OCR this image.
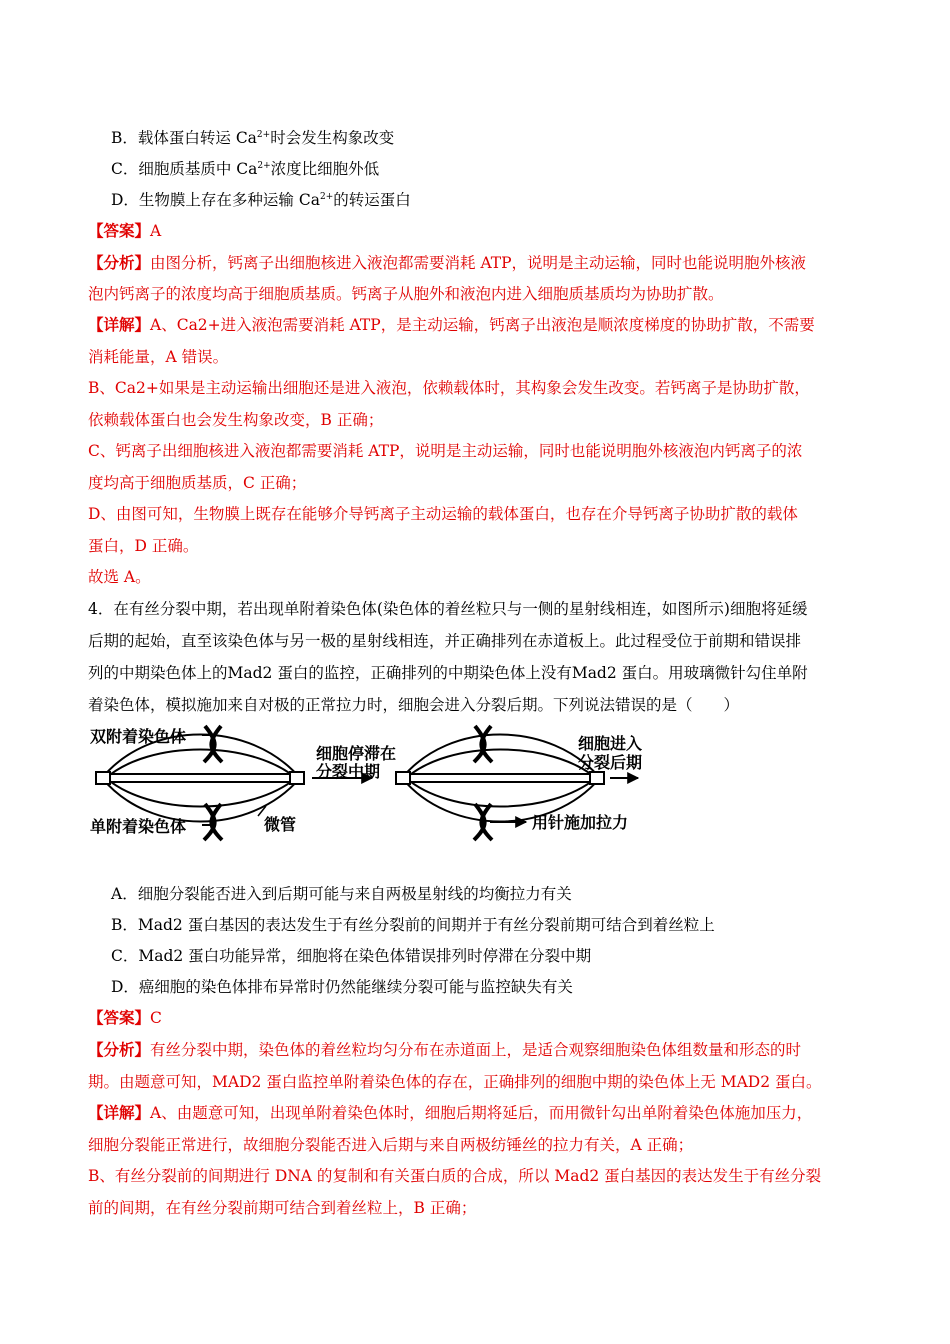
B．载体蛋白转运 $Ca^{2+}$时会发生构象改变
C．细胞质基质中 $Ca^{2+}$浓度比细胞外低
D．生物膜上存在多种运输 $Ca^{2+}$的转运蛋白
【答案】A
【分析】由图分析，钙离子出细胞核进入液泡都需要消耗 ATP，说明是主动运输，同时也能说明胞外核液
泡内钙离子的浓度均高于细胞质基质。钙离子从胞外和液泡内进入细胞质基质均为协助扩散。
【详解】A、Ca2+进入液泡需要消耗 ATP，是主动运输，钙离子出液泡是顺浓度梯度的协助扩散，不需要
消耗能量，A 错误。
B、Ca2+如果是主动运输出细胞还是进入液泡，依赖载体时，其构象会发生改变。若钙离子是协助扩散，
依赖载体蛋白也会发生构象改变，B 正确；
C、钙离子出细胞核进入液泡都需要消耗 ATP，说明是主动运输，同时也能说明胞外核液泡内钙离子的浓
度均高于细胞质基质，C 正确；
D、由图可知，生物膜上既存在能够介导钙离子主动运输的载体蛋白，也存在介导钙离子协助扩散的载体
蛋白，D 正确。
故选 A。
4．在有丝分裂中期，若出现单附着染色体(染色体的着丝粒只与一侧的星射线相连，如图所示)细胞将延缓
后期的起始，直至该染色体与另一极的星射线相连，并正确排列在赤道板上。此过程受位于前期和错误排
列的中期染色体上的Mad2 蛋白的监控，正确排列的中期染色体上没有Mad2 蛋白。用玻璃微针勾住单附
着染色体，模拟施加来自对极的正常拉力时，细胞会进入分裂后期。下列说法错误的是（　　）
双附着染色体
单附着染色体	微管
细胞停滞在
分裂中期
用针施加拉力
细胞进入
分裂后期
A．细胞分裂能否进入到后期可能与来自两极星射线的均衡拉力有关
B．Mad2 蛋白基因的表达发生于有丝分裂前的间期并于有丝分裂前期可结合到着丝粒上
C．Mad2 蛋白功能异常，细胞将在染色体错误排列时停滞在分裂中期
D．癌细胞的染色体排布异常时仍然能继续分裂可能与监控缺失有关
【答案】C
【分析】有丝分裂中期，染色体的着丝粒均匀分布在赤道面上，是适合观察细胞染色体组数量和形态的时
期。由题意可知，MAD2 蛋白监控单附着染色体的存在，正确排列的细胞中期的染色体上无 MAD2 蛋白。
【详解】A、由题意可知，出现单附着染色体时，细胞后期将延后，而用微针勾出单附着染色体施加压力，
细胞分裂能正常进行，故细胞分裂能否进入后期与来自两极纺锤丝的拉力有关，A 正确；
B、有丝分裂前的间期进行 DNA 的复制和有关蛋白质的合成，所以 Mad2 蛋白基因的表达发生于有丝分裂
前的间期，在有丝分裂前期可结合到着丝粒上，B 正确；
